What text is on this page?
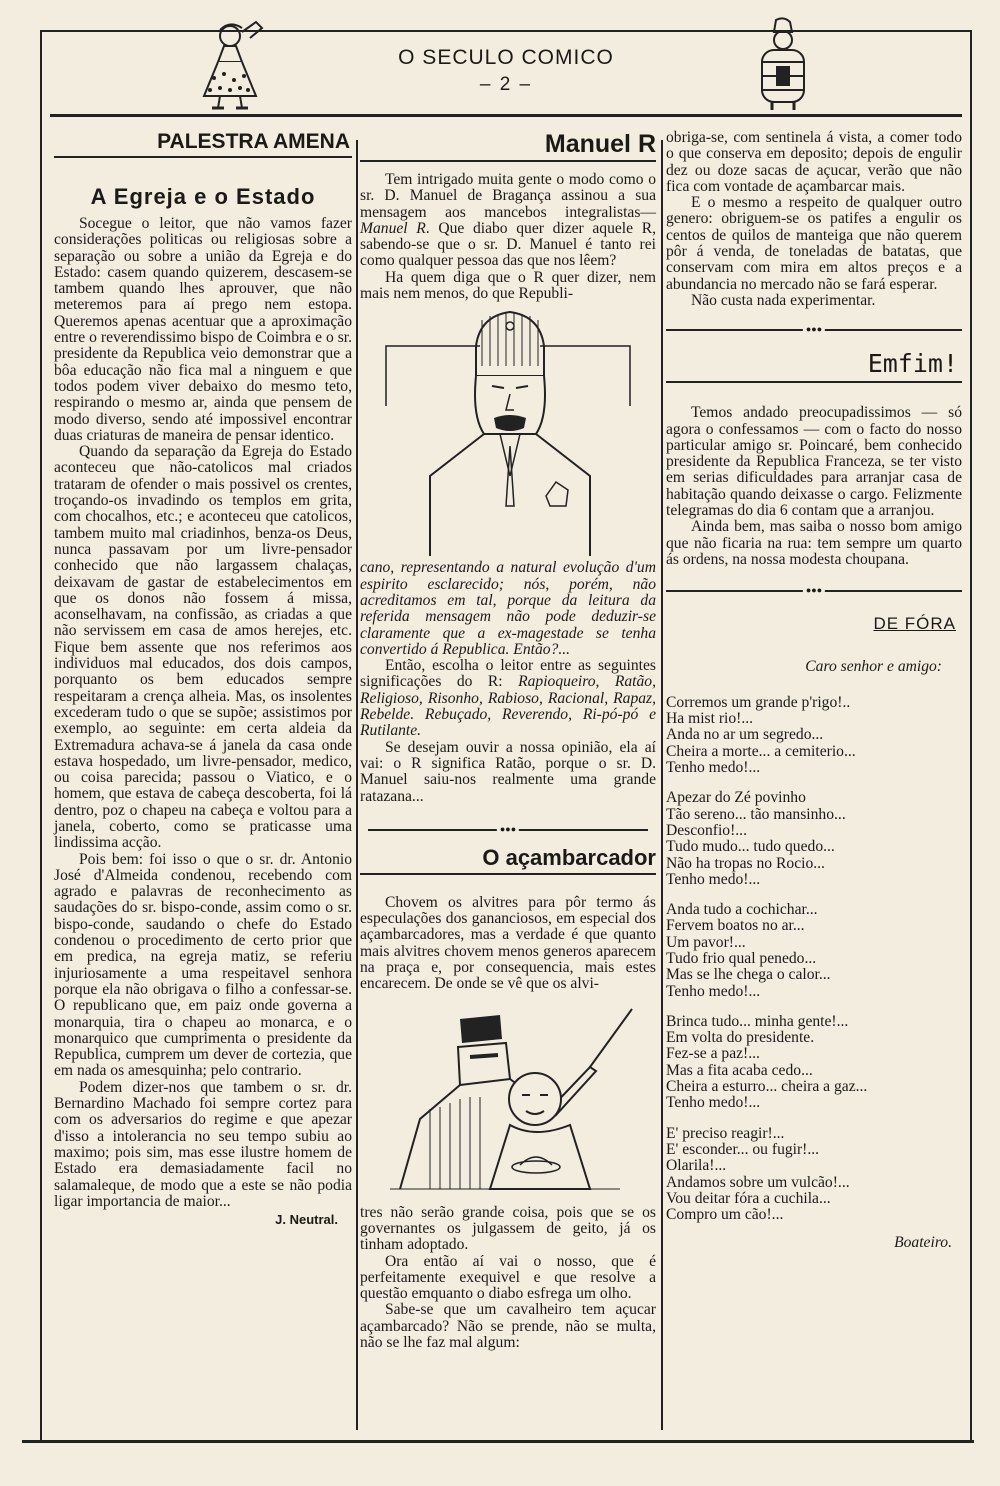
O SECULO COMICO
– 2 –
PALESTRA AMENA
A Egreja e o Estado

Socegue o leitor, que não vamos fazer considerações politicas ou religiosas sobre a separação ou sobre a união da Egreja e do Estado: casem quando quizerem, descasem-se tambem quando lhes aprouver, que não meteremos para aí prego nem estopa. Queremos apenas acentuar que a aproximação entre o reverendissimo bispo de Coimbra e o sr. presidente da Republica veio demonstrar que a bôa educação não fica mal a ninguem e que todos podem viver debaixo do mesmo teto, respirando o mesmo ar, ainda que pensem de modo diverso, sendo até impossivel encontrar duas criaturas de maneira de pensar identico.

Quando da separação da Egreja do Estado aconteceu que não-catolicos mal criados trataram de ofender o mais possivel os crentes, troçando-os invadindo os templos em grita, com chocalhos, etc.; e aconteceu que catolicos, tambem muito mal criadinhos, benza-os Deus, nunca passavam por um livre-pensador conhecido que não largassem chalaças, deixavam de gastar de estabelecimentos em que os donos não fossem á missa, aconselhavam, na confissão, as criadas a que não servissem em casa de amos herejes, etc. Fique bem assente que nos referimos aos individuos mal educados, dos dois campos, porquanto os bem educados sempre respeitaram a crença alheia. Mas, os insolentes excederam tudo o que se supõe; assistimos por exemplo, ao seguinte: em certa aldeia da Extremadura achava-se á janela da casa onde estava hospedado, um livre-pensador, medico, ou coisa parecida; passou o Viatico, e o homem, que estava de cabeça descoberta, foi lá dentro, poz o chapeu na cabeça e voltou para a janela, coberto, como se praticasse uma lindissima acção.

Pois bem: foi isso o que o sr. dr. Antonio José d'Almeida condenou, recebendo com agrado e palavras de reconhecimento as saudações do sr. bispo-conde, assim como o sr. bispo-conde, saudando o chefe do Estado condenou o procedimento de certo prior que em predica, na egreja matiz, se referiu injuriosamente a uma respeitavel senhora porque ela não obrigava o filho a confessar-se. O republicano que, em paiz onde governa a monarquia, tira o chapeu ao monarca, e o monarquico que cumprimenta o presidente da Republica, cumprem um dever de cortezia, que em nada os amesquinha; pelo contrario.

Podem dizer-nos que tambem o sr. dr. Bernardino Machado foi sempre cortez para com os adversarios do regime e que apezar d'isso a intolerancia no seu tempo subiu ao maximo; pois sim, mas esse ilustre homem de Estado era demasiadamente facil no salamaleque, de modo que a este se não podia ligar importancia de maior...

J. Neutral.
Manuel R

Tem intrigado muita gente o modo como o sr. D. Manuel de Bragança assinou a sua mensagem aos mancebos integralistas—Manuel R. Que diabo quer dizer aquele R, sabendo-se que o sr. D. Manuel é tanto rei como qualquer pessoa das que nos lêem?

Ha quem diga que o R quer dizer, nem mais nem menos, do que Republi-

cano, representando a natural evolução d'um espirito esclarecido; nós, porém, não acreditamos em tal, porque da leitura da referida mensagem não pode deduzir-se claramente que a ex-magestade se tenha convertido á Republica. Então?...

Então, escolha o leitor entre as seguintes significações do R: Rapioqueiro, Ratão, Religioso, Risonho, Rabioso, Racional, Rapaz, Rebelde. Rebuçado, Reverendo, Ri-pó-pó e Rutilante.

Se desejam ouvir a nossa opinião, ela aí vai: o R significa Ratão, porque o sr. D. Manuel saiu-nos realmente uma grande ratazana...

●●●
O açambarcador

Chovem os alvitres para pôr termo ás especulações dos gananciosos, em especial dos açambarcadores, mas a verdade é que quanto mais alvitres chovem menos generos aparecem na praça e, por consequencia, mais estes encarecem. De onde se vê que os alvi-

tres não serão grande coisa, pois que se os governantes os julgassem de geito, já os tinham adoptado.

Ora então aí vai o nosso, que é perfeitamente exequivel e que resolve a questão emquanto o diabo esfrega um olho.

Sabe-se que um cavalheiro tem açucar açambarcado? Não se prende, não se multa, não se lhe faz mal algum:

obriga-se, com sentinela á vista, a comer todo o que conserva em deposito; depois de engulir dez ou doze sacas de açucar, verão que não fica com vontade de açambarcar mais.

E o mesmo a respeito de qualquer outro genero: obriguem-se os patifes a engulir os centos de quilos de manteiga que não querem pôr á venda, de toneladas de batatas, que conservam com mira em altos preços e a abundancia no mercado não se fará esperar.

Não custa nada experimentar.

●●●
Emfim!

Temos andado preocupadissimos — só agora o confessamos — com o facto do nosso particular amigo sr. Poincaré, bem conhecido presidente da Republica Franceza, se ter visto em serias dificuldades para arranjar casa de habitação quando deixasse o cargo. Felizmente telegramas do dia 6 contam que a arranjou.

Ainda bem, mas saiba o nosso bom amigo que não ficaria na rua: tem sempre um quarto ás ordens, na nossa modesta choupana.

●●●
DE FÓRA
Caro senhor e amigo:
Corremos um grande p'rigo!..
Ha mist rio!...
Anda no ar um segredo...
Cheira a morte... a cemiterio...
Tenho medo!...
Apezar do Zé povinho
Tão sereno... tão mansinho...
Desconfio!...
Tudo mudo... tudo quedo...
Não ha tropas no Rocio...
Tenho medo!...
Anda tudo a cochichar...
Fervem boatos no ar...
Um pavor!...
Tudo frio qual penedo...
Mas se lhe chega o calor...
Tenho medo!...
Brinca tudo... minha gente!...
Em volta do presidente.
Fez-se a paz!...
Mas a fita acaba cedo...
Cheira a esturro... cheira a gaz...
Tenho medo!...
E' preciso reagir!...
E' esconder... ou fugir!...
Olarila!...
Andamos sobre um vulcão!...
Vou deitar fóra a cuchila...
Compro um cão!...
Boateiro.
